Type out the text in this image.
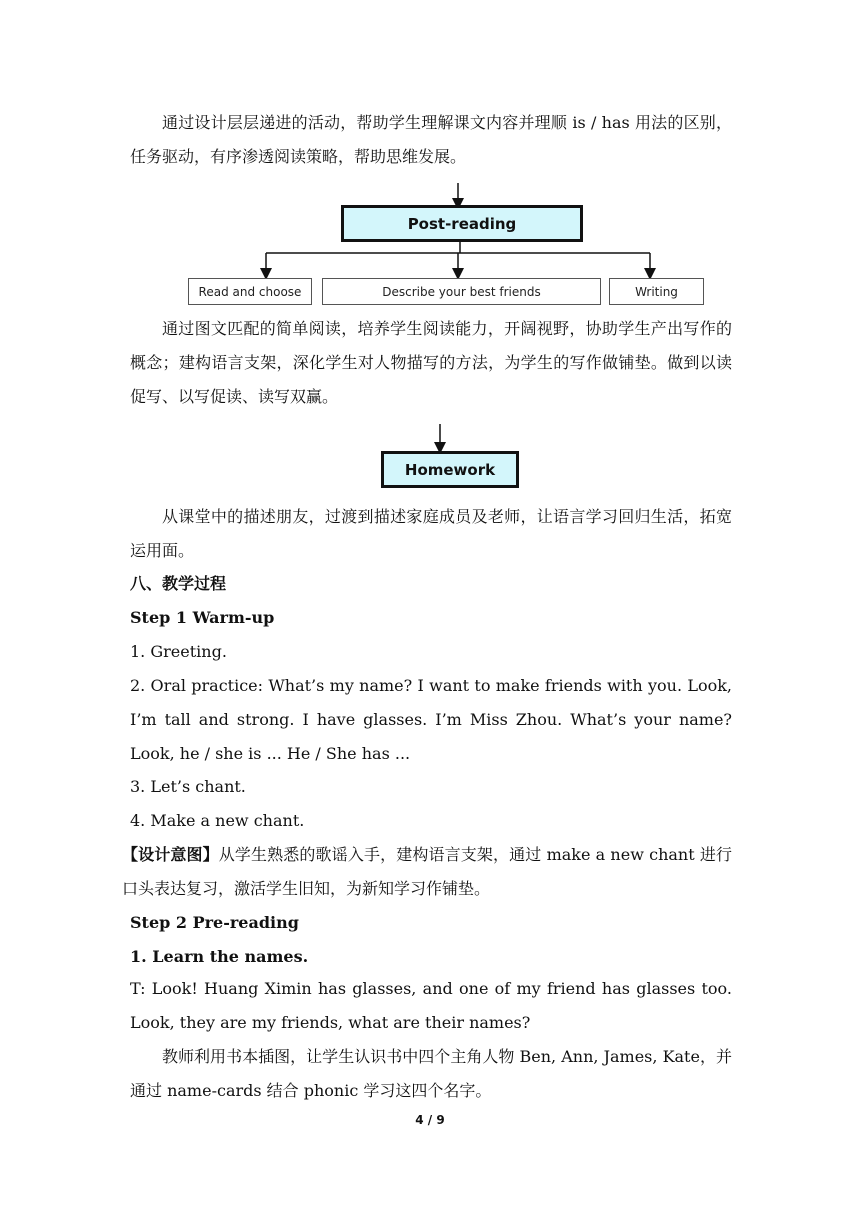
通过设计层层递进的活动，帮助学生理解课文内容并理顺 is / has 用法的区别，任务驱动，有序渗透阅读策略，帮助思维发展。

Post-reading
Read and choose	Describe your best friends	Writing

通过图文匹配的简单阅读，培养学生阅读能力，开阔视野，协助学生产出写作的概念；建构语言支架，深化学生对人物描写的方法，为学生的写作做铺垫。做到以读促写、以写促读、读写双赢。

Homework

从课堂中的描述朋友，过渡到描述家庭成员及老师，让语言学习回归生活，拓宽运用面。

八、教学过程
Step 1 Warm-up
1. Greeting.

2. Oral practice: What’s my name? I want to make friends with you. Look, I’m tall and strong. I have glasses. I’m Miss Zhou. What’s your name? Look, he / she is ... He / She has ...

3. Let’s chant.
4. Make a new chant.

【设计意图】从学生熟悉的歌谣入手，建构语言支架，通过 make a new chant 进行口头表达复习，激活学生旧知，为新知学习作铺垫。

Step 2 Pre-reading
1. Learn the names.

T: Look! Huang Ximin has glasses, and one of my friend has glasses too. Look, they are my friends, what are their names?

教师利用书本插图，让学生认识书中四个主角人物 Ben, Ann, James, Kate，并通过 name-cards 结合 phonic 学习这四个名字。

4 / 9
